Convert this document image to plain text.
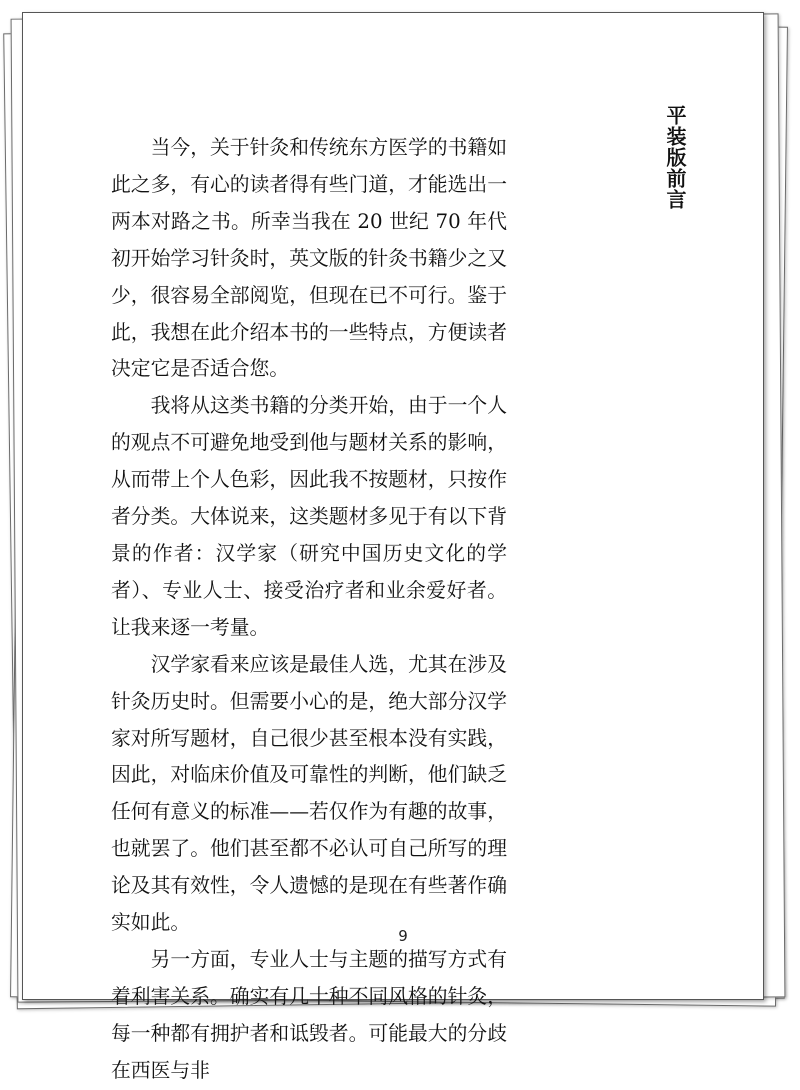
当今，关于针灸和传统东方医学的书籍如此之多，有心的读者得有些门道，才能选出一两本对路之书。所幸当我在 20 世纪 70 年代初开始学习针灸时，英文版的针灸书籍少之又少，很容易全部阅览，但现在已不可行。鉴于此，我想在此介绍本书的一些特点，方便读者决定它是否适合您。

我将从这类书籍的分类开始，由于一个人的观点不可避免地受到他与题材关系的影响，从而带上个人色彩，因此我不按题材，只按作者分类。大体说来，这类题材多见于有以下背景的作者：汉学家（研究中国历史文化的学者）、专业人士、接受治疗者和业余爱好者。让我来逐一考量。

汉学家看来应该是最佳人选，尤其在涉及针灸历史时。但需要小心的是，绝大部分汉学家对所写题材，自己很少甚至根本没有实践，因此，对临床价值及可靠性的判断，他们缺乏任何有意义的标准——若仅作为有趣的故事，也就罢了。他们甚至都不必认可自己所写的理论及其有效性，令人遗憾的是现在有些著作确实如此。

另一方面，专业人士与主题的描写方式有着利害关系。确实有几十种不同风格的针灸，每一种都有拥护者和诋毁者。可能最大的分歧在西医与非

平装版前言
9
